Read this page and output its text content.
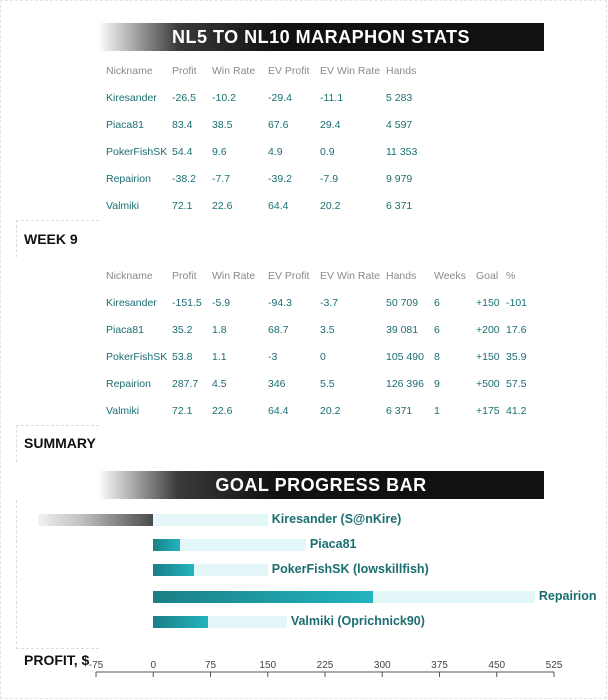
NL5 TO NL10 MARAPHON STATS
Nickname	Profit	Win Rate	EV Profit	EV Win Rate	Hands
Kiresander	-26.5	-10.2	-29.4	-11.1	5 283
Piaca81	83.4	38.5	67.6	29.4	4 597
PokerFishSK	54.4	9.6	4.9	0.9	11 353
Repairion	-38.2	-7.7	-39.2	-7.9	9 979
Valmiki	72.1	22.6	64.4	20.2	6 371
WEEK 9
Nickname	Profit	Win Rate	EV Profit	EV Win Rate	Hands	Weeks	Goal	%
Kiresander	-151.5	-5.9	-94.3	-3.7	50 709	6	+150	-101
Piaca81	35.2	1.8	68.7	3.5	39 081	6	+200	17.6
PokerFishSK	53.8	1.1	-3	0	105 490	8	+150	35.9
Repairion	287.7	4.5	346	5.5	126 396	9	+500	57.5
Valmiki	72.1	22.6	64.4	20.2	6 371	1	+175	41.2
SUMMARY
GOAL PROGRESS BAR
Kiresander (S@nKire)
Piaca81
PokerFishSK (lowskillfish)
Repairion
Valmiki (Oprichnick90)
PROFIT, $ -75	0	75	150	225	300	375	450	525
